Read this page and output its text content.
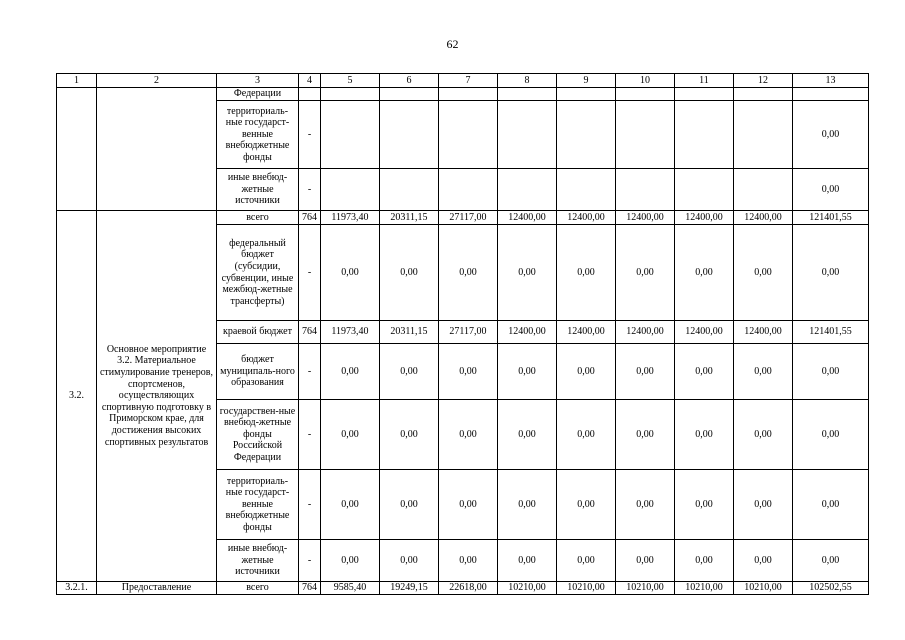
62
1	2	3	4	5	6	7	8	9	10	11	12	13
		Федерации										
		территориаль-ные государст-венные внебюджетные фонды	-									0,00
		иные внебюд-жетные источники	-									0,00
3.2.	Основное мероприятие 3.2. Материальное стимулирование тренеров, спортсменов, осуществляющих спортивную подготовку в Приморском крае, для достижения высоких спортивных результатов	всего	764	11973,40	20311,15	27117,00	12400,00	12400,00	12400,00	12400,00	12400,00	121401,55
		федеральный бюджет (субсидии, субвенции, иные межбюд-жетные трансферты)	-	0,00	0,00	0,00	0,00	0,00	0,00	0,00	0,00	0,00
		краевой бюджет	764	11973,40	20311,15	27117,00	12400,00	12400,00	12400,00	12400,00	12400,00	121401,55
		бюджет муниципаль-ного образования	-	0,00	0,00	0,00	0,00	0,00	0,00	0,00	0,00	0,00
		государствен-ные внебюд-жетные фонды Российской Федерации	-	0,00	0,00	0,00	0,00	0,00	0,00	0,00	0,00	0,00
		территориаль-ные государст-венные внебюджетные фонды	-	0,00	0,00	0,00	0,00	0,00	0,00	0,00	0,00	0,00
		иные внебюд-жетные источники	-	0,00	0,00	0,00	0,00	0,00	0,00	0,00	0,00	0,00
3.2.1.	Предоставление	всего	764	9585,40	19249,15	22618,00	10210,00	10210,00	10210,00	10210,00	10210,00	102502,55
